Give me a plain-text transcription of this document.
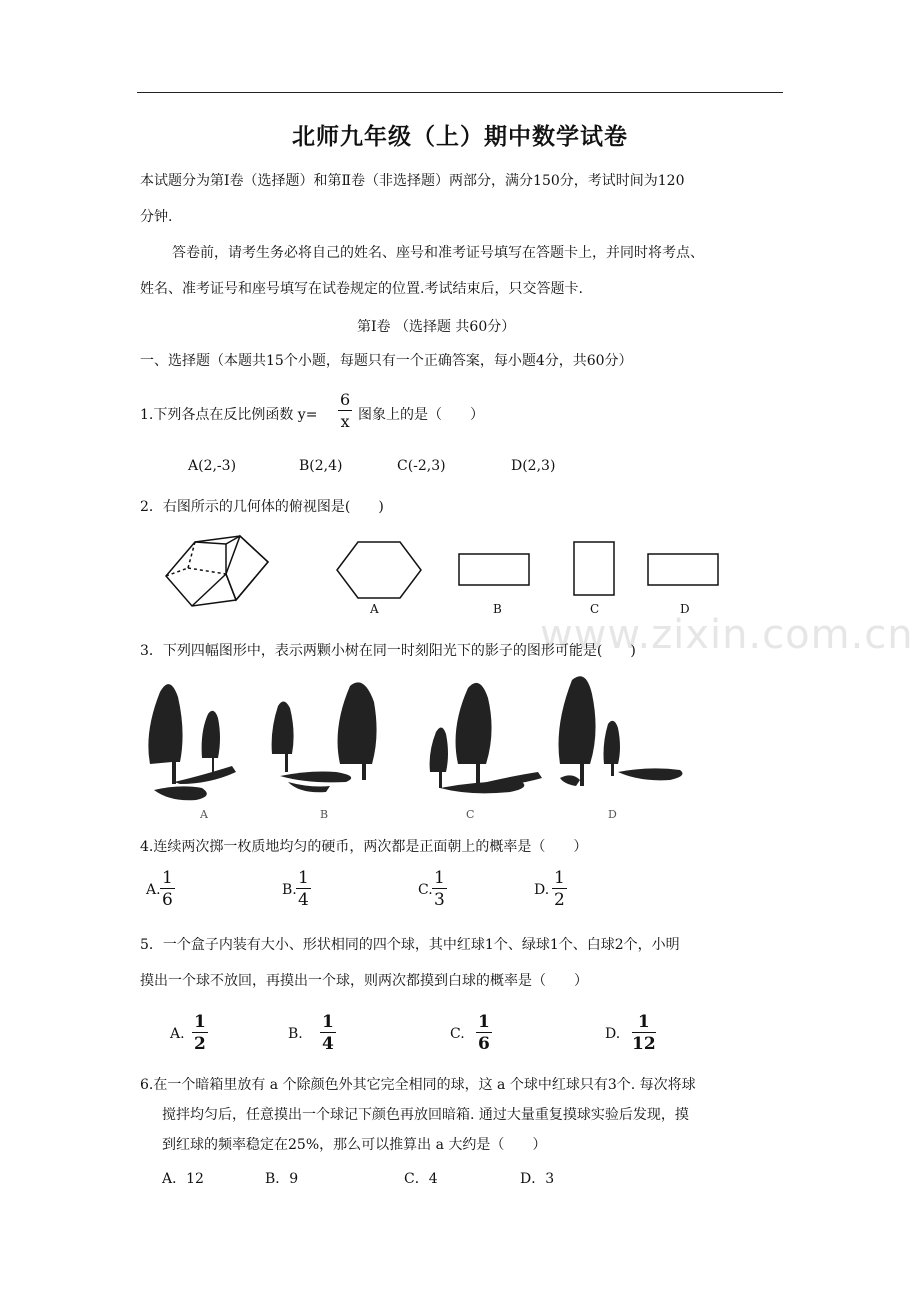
北师九年级（上）期中数学试卷
本试题分为第Ⅰ卷（选择题）和第Ⅱ卷（非选择题）两部分，满分150分，考试时间为120
分钟.
答卷前，请考生务必将自己的姓名、座号和准考证号填写在答题卡上，并同时将考点、
姓名、准考证号和座号填写在试卷规定的位置.考试结束后，只交答题卡.
第Ⅰ卷 （选择题 共60分）
一、选择题（本题共15个小题，每题只有一个正确答案，每小题4分，共60分）
1.下列各点在反比例函数 $y= \frac{6}{x}$ 图象上的是（　　）
A(2,-3)	B(2,4)	C(-2,3)	D(2,3)
2．右图所示的几何体的俯视图是(　　)
A	B	C	D
www.zixin.com.cn
3．下列四幅图形中，表示两颗小树在同一时刻阳光下的影子的图形可能是(　　)
A	B	C	D
4.连续两次掷一枚质地均匀的硬币，两次都是正面朝上的概率是（　　）
A. $\frac{1}{6}$	B. $\frac{1}{4}$	C. $\frac{1}{3}$	D. $\frac{1}{2}$
5．一个盒子内装有大小、形状相同的四个球，其中红球1个、绿球1个、白球2个，小明
摸出一个球不放回，再摸出一个球，则两次都摸到白球的概率是（　　）
A. $\frac{1}{2}$	B. $\frac{1}{4}$	C. $\frac{1}{6}$	D. $\frac{1}{12}$
6.在一个暗箱里放有 a 个除颜色外其它完全相同的球，这 a 个球中红球只有3个. 每次将球
搅拌均匀后，任意摸出一个球记下颜色再放回暗箱. 通过大量重复摸球实验后发现，摸
到红球的频率稳定在25%，那么可以推算出 a 大约是（　　）
A．12	B．9	C．4	D．3
